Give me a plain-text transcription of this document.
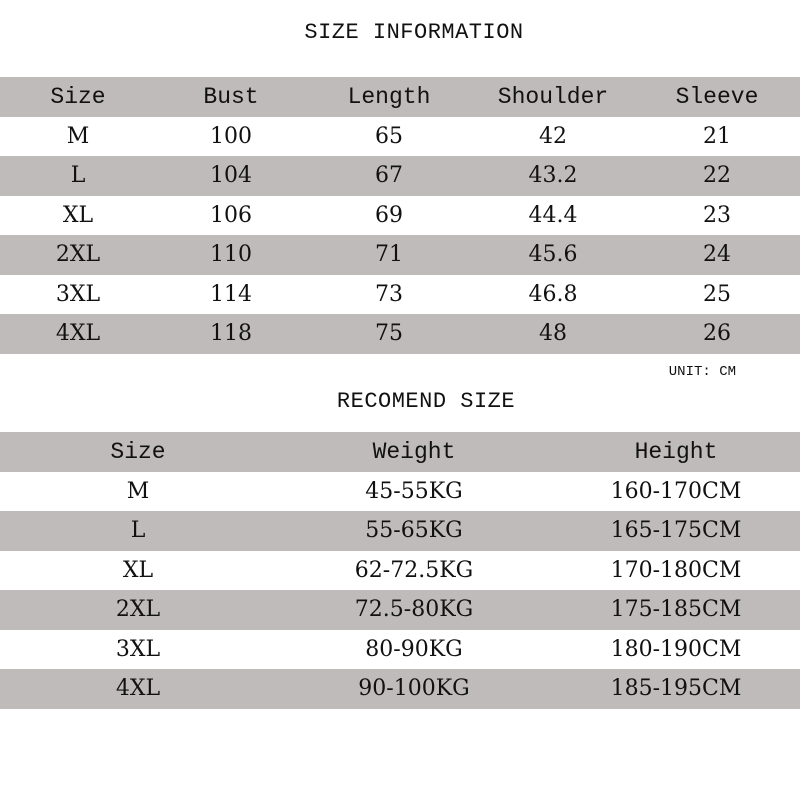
SIZE INFORMATION
Size	Bust	Length	Shoulder	Sleeve
M	100	65	42	21
L	104	67	43.2	22
XL	106	69	44.4	23
2XL	110	71	45.6	24
3XL	114	73	46.8	25
4XL	118	75	48	26
UNIT: CM
RECOMEND SIZE
Size	Weight	Height
M	45-55KG	160-170CM
L	55-65KG	165-175CM
XL	62-72.5KG	170-180CM
2XL	72.5-80KG	175-185CM
3XL	80-90KG	180-190CM
4XL	90-100KG	185-195CM
